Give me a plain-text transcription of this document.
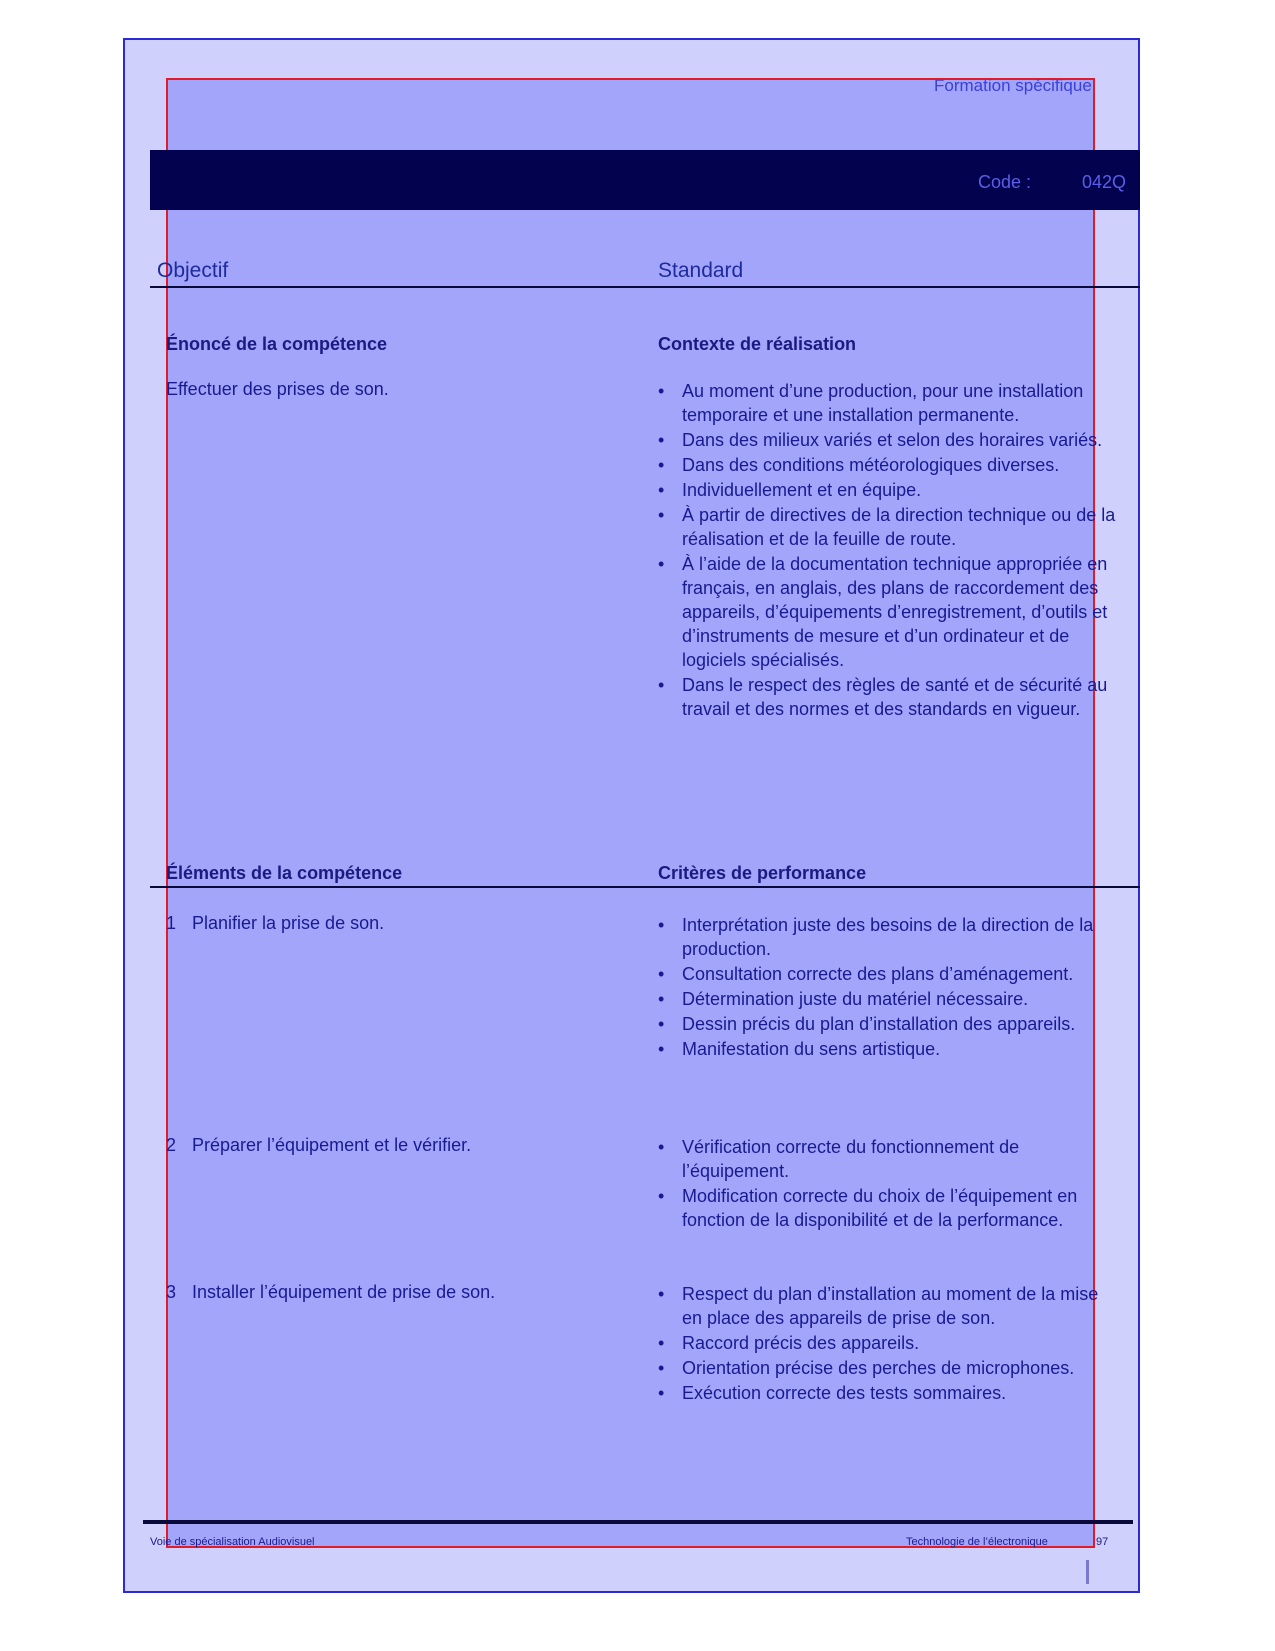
Formation spécifique
Code :	042Q
Objectif	Standard
Énoncé de la compétence	Contexte de réalisation
Effectuer des prises de son.	• Au moment d’une production, pour une installation temporaire et une installation permanente.
• Dans des milieux variés et selon des horaires variés.
• Dans des conditions météorologiques diverses.
• Individuellement et en équipe.
• À partir de directives de la direction technique ou de la réalisation et de la feuille de route.
• À l’aide de la documentation technique appropriée en français, en anglais, des plans de raccordement des appareils, d’équipements d’enregistrement, d’outils et d’instruments de mesure et d’un ordinateur et de logiciels spécialisés.
• Dans le respect des règles de santé et de sécurité au travail et des normes et des standards en vigueur.
Éléments de la compétence	Critères de performance
1 Planifier la prise de son.	• Interprétation juste des besoins de la direction de la production.
• Consultation correcte des plans d’aménagement.
• Détermination juste du matériel nécessaire.
• Dessin précis du plan d’installation des appareils.
• Manifestation du sens artistique.
2 Préparer l’équipement et le vérifier.	• Vérification correcte du fonctionnement de l’équipement.
• Modification correcte du choix de l’équipement en fonction de la disponibilité et de la performance.
3 Installer l’équipement de prise de son.	• Respect du plan d’installation au moment de la mise en place des appareils de prise de son.
• Raccord précis des appareils.
• Orientation précise des perches de microphones.
• Exécution correcte des tests sommaires.
Voie de spécialisation Audiovisuel	Technologie de l’électronique	97
